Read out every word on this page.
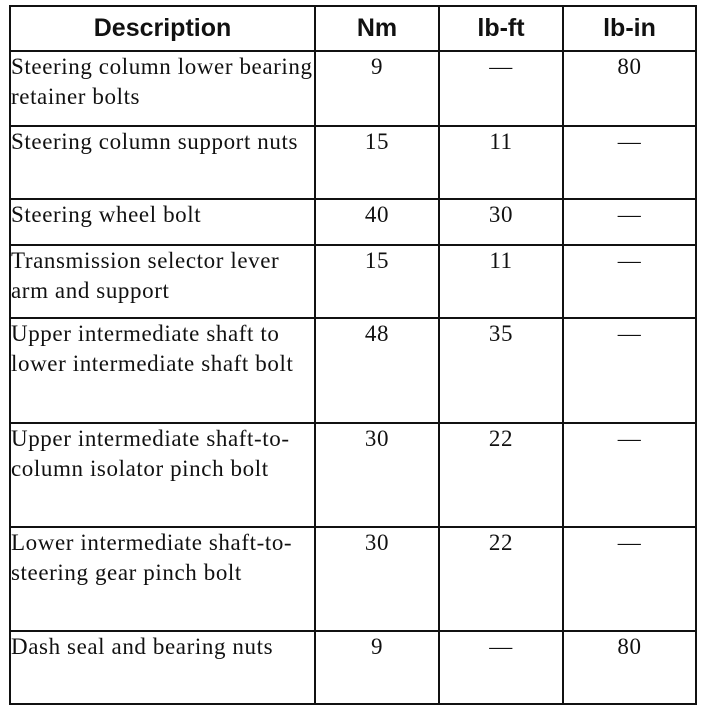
Description	Nm	lb-ft	lb-in
Steering column lower bearing retainer bolts	9	—	80
Steering column support nuts	15	11	—
Steering wheel bolt	40	30	—
Transmission selector lever arm and support	15	11	—
Upper intermediate shaft to lower intermediate shaft bolt	48	35	—
Upper intermediate shaft-to-column isolator pinch bolt	30	22	—
Lower intermediate shaft-to-steering gear pinch bolt	30	22	—
Dash seal and bearing nuts	9	—	80
